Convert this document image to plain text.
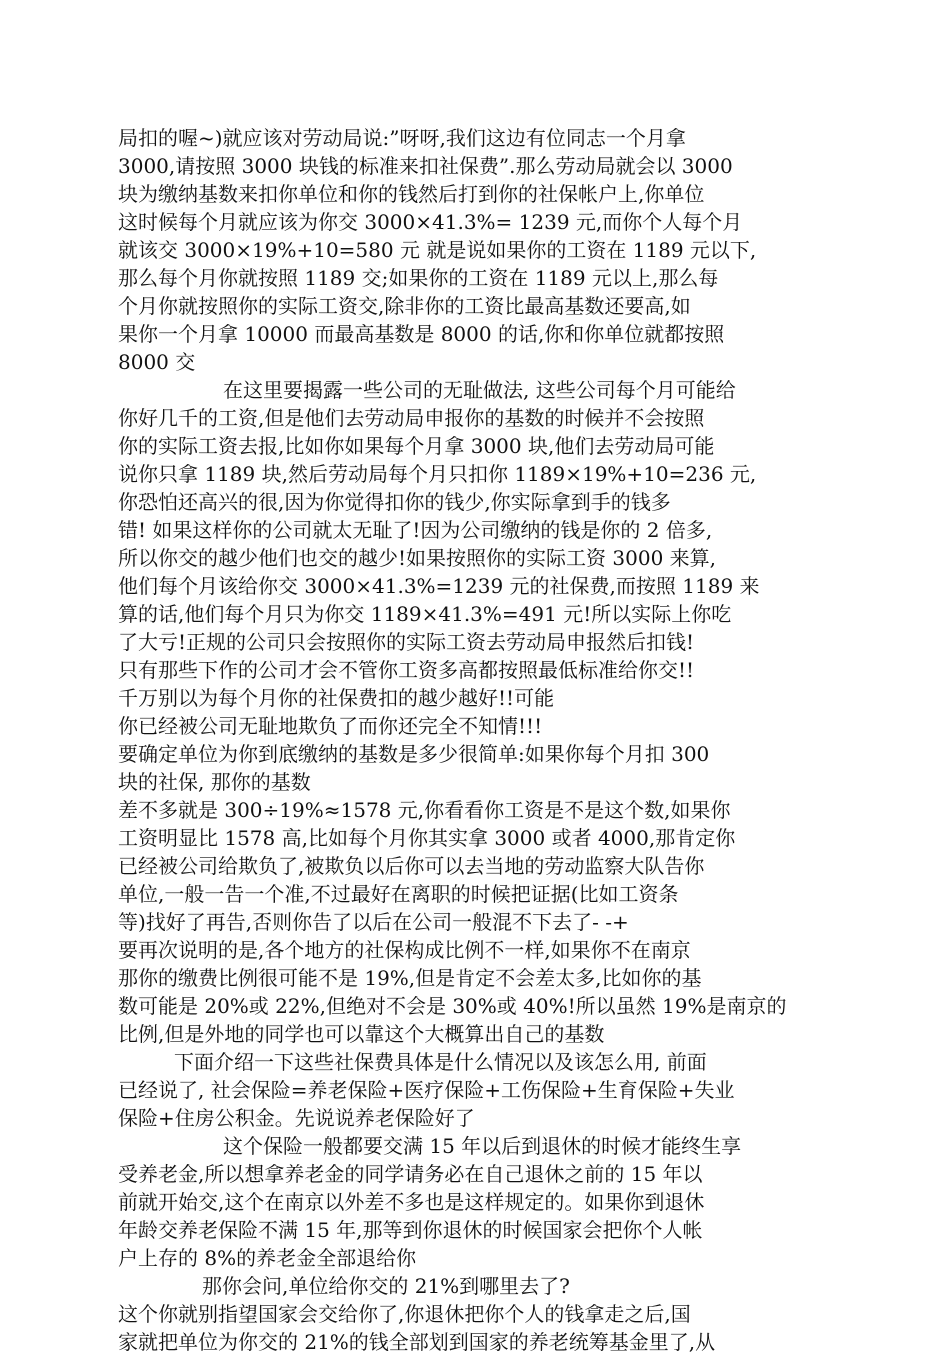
局扣的喔~)就应该对劳动局说:”呀呀,我们这边有位同志一个月拿
3000,请按照 3000 块钱的标准来扣社保费”.那么劳动局就会以 3000
块为缴纳基数来扣你单位和你的钱然后打到你的社保帐户上,你单位
这时候每个月就应该为你交 3000×41.3%= 1239 元,而你个人每个月
就该交 3000×19%+10=580 元 就是说如果你的工资在 1189 元以下,
那么每个月你就按照 1189 交;如果你的工资在 1189 元以上,那么每
个月你就按照你的实际工资交,除非你的工资比最高基数还要高,如
果你一个月拿 10000 而最高基数是 8000 的话,你和你单位就都按照
8000 交
在这里要揭露一些公司的无耻做法, 这些公司每个月可能给
你好几千的工资,但是他们去劳动局申报你的基数的时候并不会按照
你的实际工资去报,比如你如果每个月拿 3000 块,他们去劳动局可能
说你只拿 1189 块,然后劳动局每个月只扣你 1189×19%+10=236 元,
你恐怕还高兴的很,因为你觉得扣你的钱少,你实际拿到手的钱多
错! 如果这样你的公司就太无耻了!因为公司缴纳的钱是你的 2 倍多,
所以你交的越少他们也交的越少!如果按照你的实际工资 3000 来算,
他们每个月该给你交 3000×41.3%=1239 元的社保费,而按照 1189 来
算的话,他们每个月只为你交 1189×41.3%=491 元!所以实际上你吃
了大亏!正规的公司只会按照你的实际工资去劳动局申报然后扣钱!
只有那些下作的公司才会不管你工资多高都按照最低标准给你交!!
千万别以为每个月你的社保费扣的越少越好!!可能
你已经被公司无耻地欺负了而你还完全不知情!!!
要确定单位为你到底缴纳的基数是多少很简单:如果你每个月扣 300
块的社保, 那你的基数
差不多就是 300÷19%≈1578 元,你看看你工资是不是这个数,如果你
工资明显比 1578 高,比如每个月你其实拿 3000 或者 4000,那肯定你
已经被公司给欺负了,被欺负以后你可以去当地的劳动监察大队告你
单位,一般一告一个准,不过最好在离职的时候把证据(比如工资条
等)找好了再告,否则你告了以后在公司一般混不下去了- -+
要再次说明的是,各个地方的社保构成比例不一样,如果你不在南京
那你的缴费比例很可能不是 19%,但是肯定不会差太多,比如你的基
数可能是 20%或 22%,但绝对不会是 30%或 40%!所以虽然 19%是南京的
比例,但是外地的同学也可以靠这个大概算出自己的基数
下面介绍一下这些社保费具体是什么情况以及该怎么用, 前面
已经说了, 社会保险=养老保险+医疗保险+工伤保险+生育保险+失业
保险+住房公积金。先说说养老保险好了
这个保险一般都要交满 15 年以后到退休的时候才能终生享
受养老金,所以想拿养老金的同学请务必在自己退休之前的 15 年以
前就开始交,这个在南京以外差不多也是这样规定的。如果你到退休
年龄交养老保险不满 15 年,那等到你退休的时候国家会把你个人帐
户上存的 8%的养老金全部退给你
那你会问,单位给你交的 21%到哪里去了?
这个你就别指望国家会交给你了,你退休把你个人的钱拿走之后,国
家就把单位为你交的 21%的钱全部划到国家的养老统筹基金里了,从
